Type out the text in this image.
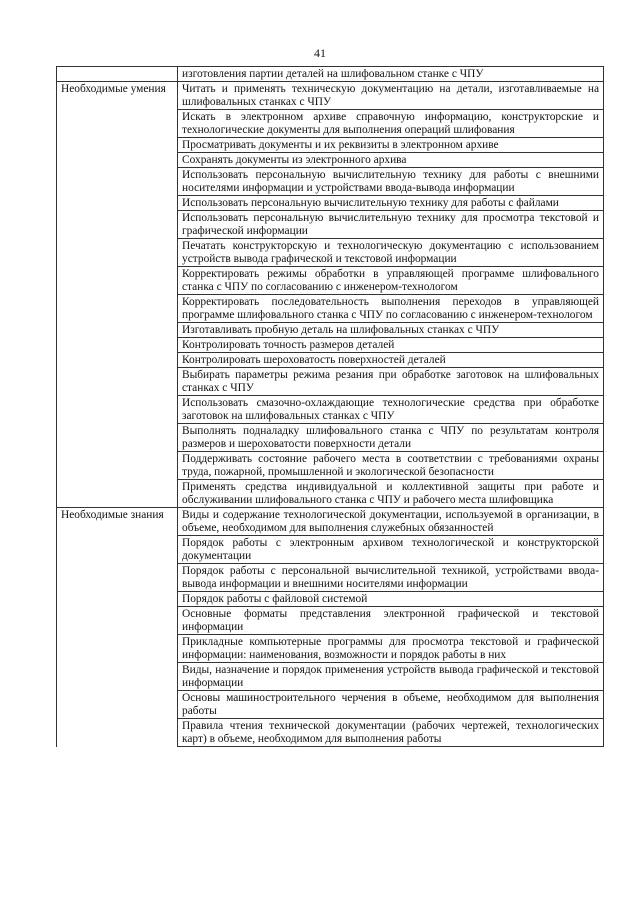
41
	изготовления партии деталей на шлифовальном станке с ЧПУ
Необходимые умения	Читать и применять техническую документацию на детали, изготавливаемые на шлифовальных станках с ЧПУ
	Искать в электронном архиве справочную информацию, конструкторские и технологические документы для выполнения операций шлифования
	Просматривать документы и их реквизиты в электронном архиве
	Сохранять документы из электронного архива
	Использовать персональную вычислительную технику для работы с внешними носителями информации и устройствами ввода-вывода информации
	Использовать персональную вычислительную технику для работы с файлами
	Использовать персональную вычислительную технику для просмотра текстовой и графической информации
	Печатать конструкторскую и технологическую документацию с использованием устройств вывода графической и текстовой информации
	Корректировать режимы обработки в управляющей программе шлифовального станка с ЧПУ по согласованию с инженером-технологом
	Корректировать последовательность выполнения переходов в управляющей программе шлифовального станка с ЧПУ по согласованию с инженером-технологом
	Изготавливать пробную деталь на шлифовальных станках с ЧПУ
	Контролировать точность размеров деталей
	Контролировать шероховатость поверхностей деталей
	Выбирать параметры режима резания при обработке заготовок на шлифовальных станках с ЧПУ
	Использовать смазочно-охлаждающие технологические средства при обработке заготовок на шлифовальных станках с ЧПУ
	Выполнять подналадку шлифовального станка с ЧПУ по результатам контроля размеров и шероховатости поверхности детали
	Поддерживать состояние рабочего места в соответствии с требованиями охраны труда, пожарной, промышленной и экологической безопасности
	Применять средства индивидуальной и коллективной защиты при работе и обслуживании шлифовального станка с ЧПУ и рабочего места шлифовщика
Необходимые знания	Виды и содержание технологической документации, используемой в организации, в объеме, необходимом для выполнения служебных обязанностей
	Порядок работы с электронным архивом технологической и конструкторской документации
	Порядок работы с персональной вычислительной техникой, устройствами ввода-вывода информации и внешними носителями информации
	Порядок работы с файловой системой
	Основные форматы представления электронной графической и текстовой информации
	Прикладные компьютерные программы для просмотра текстовой и графической информации: наименования, возможности и порядок работы в них
	Виды, назначение и порядок применения устройств вывода графической и текстовой информации
	Основы машиностроительного черчения в объеме, необходимом для выполнения работы
	Правила чтения технической документации (рабочих чертежей, технологических карт) в объеме, необходимом для выполнения работы
